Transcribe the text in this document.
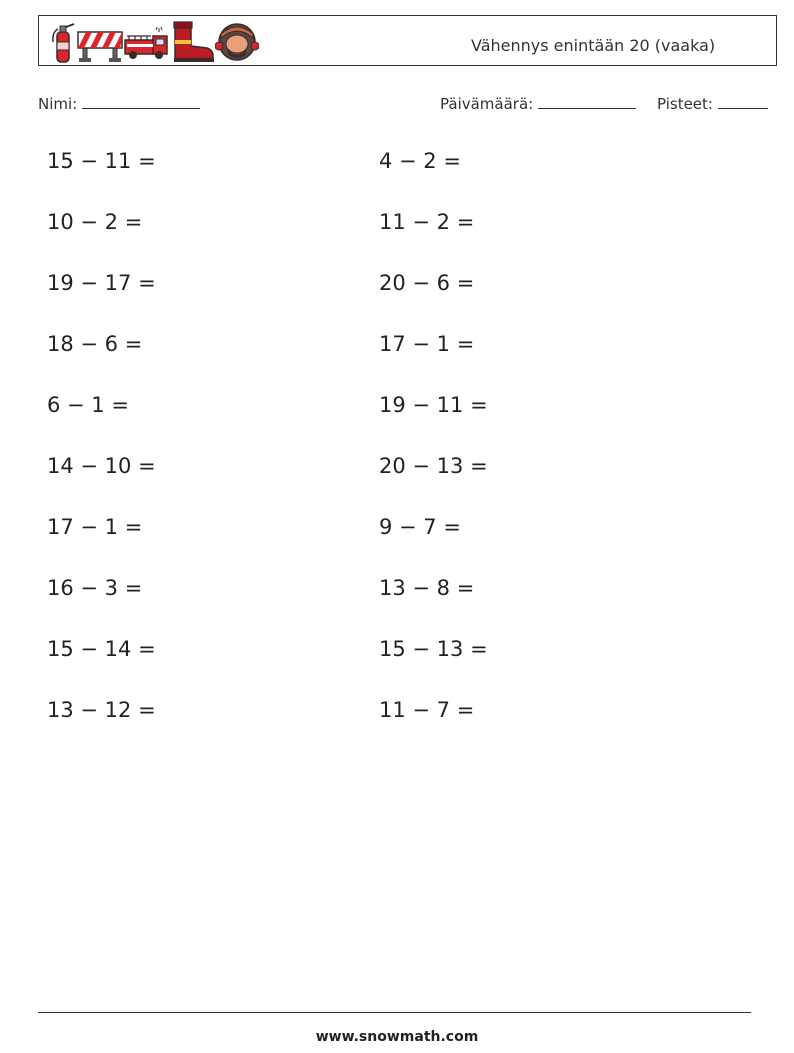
Vähennys enintään 20 (vaaka)
Nimi:	Päivämäärä:	Pisteet:
15 − 11 =
10 − 2 =
19 − 17 =
18 − 6 =
6 − 1 =
14 − 10 =
17 − 1 =
16 − 3 =
15 − 14 =
13 − 12 =
4 − 2 =
11 − 2 =
20 − 6 =
17 − 1 =
19 − 11 =
20 − 13 =
9 − 7 =
13 − 8 =
15 − 13 =
11 − 7 =
www.snowmath.com
